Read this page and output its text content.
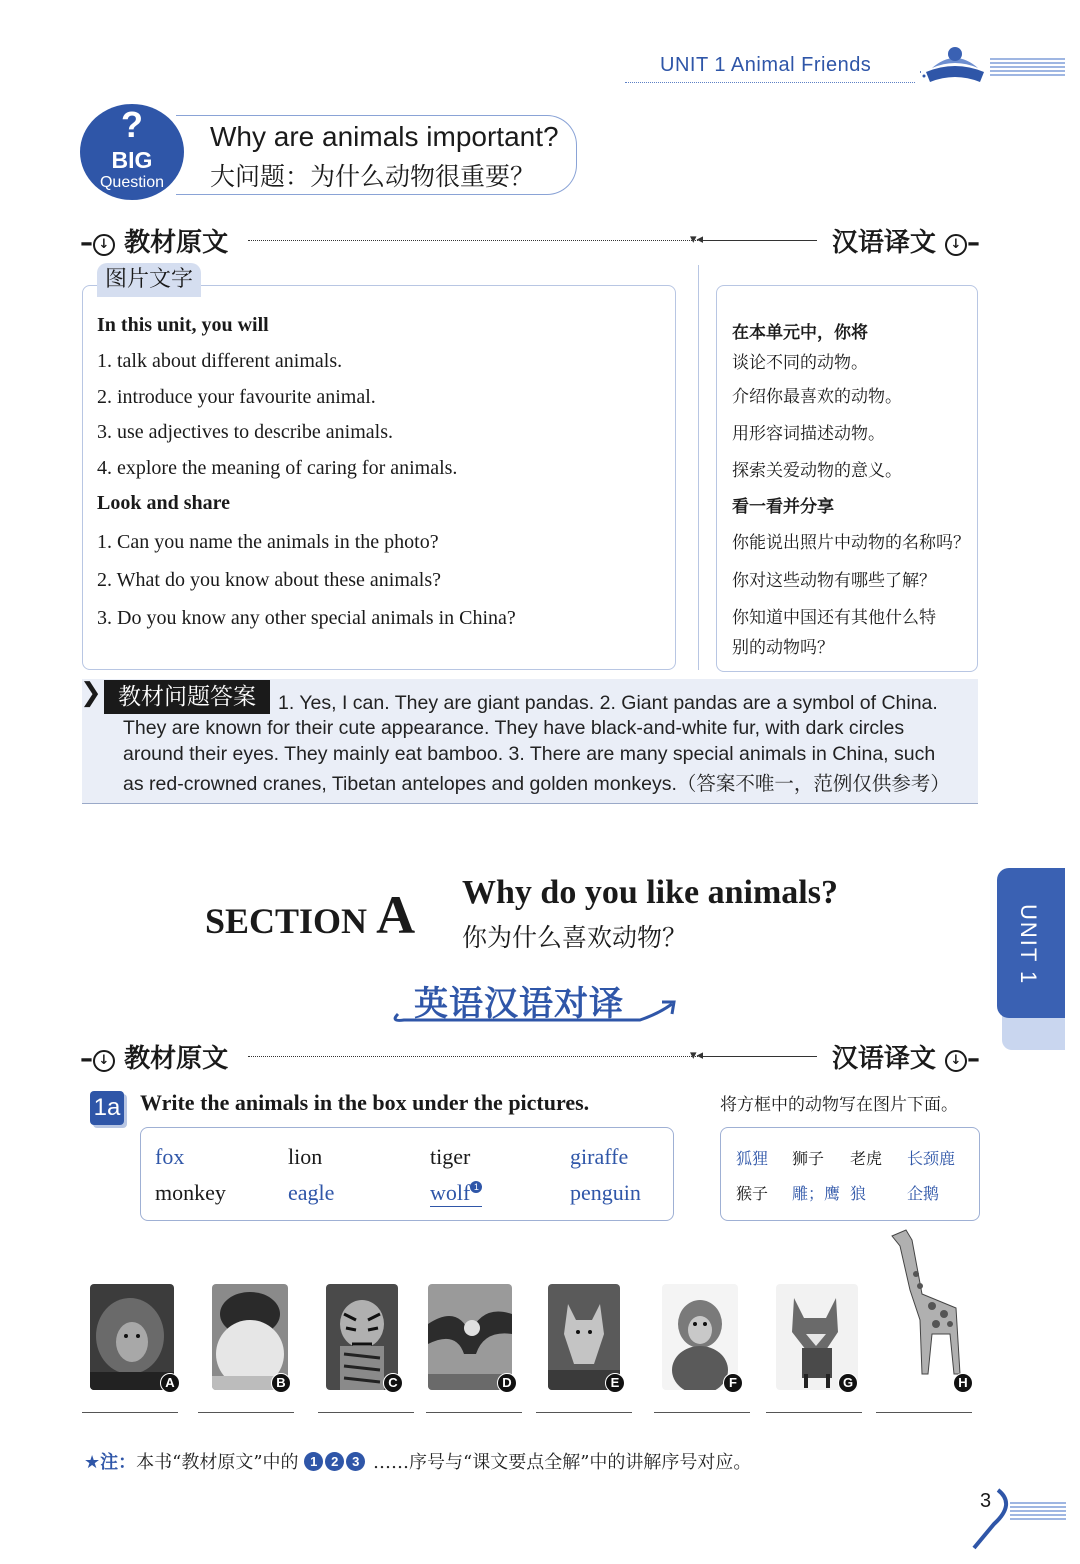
UNIT 1 Animal Friends
?
BIG
Question
Why are animals important?
大问题：为什么动物很重要？
– ↓ 教材原文	▾◂	汉语译文 ↓ –
图片文字
In this unit, you will
1. talk about different animals.
2. introduce your favourite animal.
3. use adjectives to describe animals.
4. explore the meaning of caring for animals.
Look and share
1. Can you name the animals in the photo?
2. What do you know about these animals?
3. Do you know any other special animals in China?
在本单元中，你将
谈论不同的动物。
介绍你最喜欢的动物。
用形容词描述动物。
探索关爱动物的意义。
看一看并分享
你能说出照片中动物的名称吗？
你对这些动物有哪些了解？
你知道中国还有其他什么特
别的动物吗？
❯ 教材问题答案	1. Yes, I can. They are giant pandas. 2. Giant pandas are a symbol of China.
They are known for their cute appearance. They have black-and-white fur, with dark circles
around their eyes. They mainly eat bamboo. 3. There are many special animals in China, such
as red-crowned cranes, Tibetan antelopes and golden monkeys.（答案不唯一，范例仅供参考）
SECTION A Why do you like animals?
你为什么喜欢动物？
英语汉语对译
UNIT 1
– ↓ 教材原文	▾◂	汉语译文 ↓ –
1a Write the animals in the box under the pictures.	将方框中的动物写在图片下面。
fox	lion	tiger	giraffe
monkey	eagle	wolf 1	penguin
狐狸 狮子 老虎 长颈鹿
猴子 雕；鹰 狼	企鹅
A	B	C	D	E	F	G	H
★注：本书“教材原文”中的 1 2 3 ……序号与“课文要点全解”中的讲解序号对应。
3
